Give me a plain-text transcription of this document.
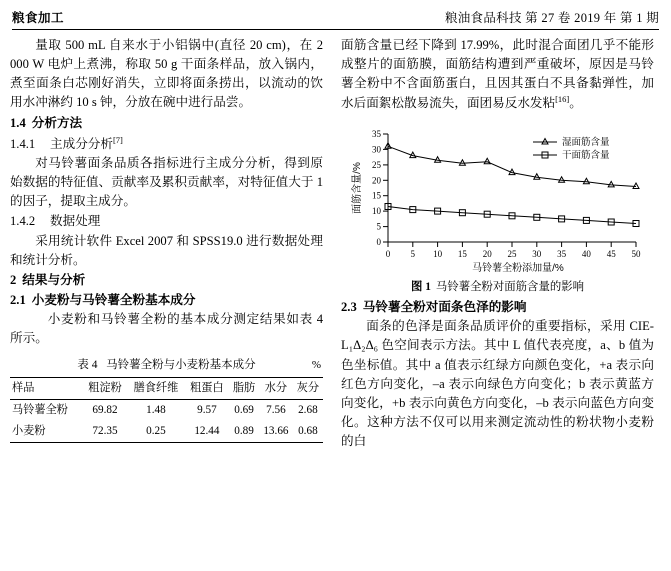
粮食加工	粮油食品科技 第 27 卷 2019 年 第 1 期

量取 500 mL 自来水于小铝锅中(直径 20 cm)，在 2 000 W 电炉上煮沸，称取 50 g 干面条样品，放入锅内，煮至面条白芯刚好消失，立即将面条捞出，以流动的饮用水冲淋约 10 s 钟，分放在碗中进行品尝。

1.4 分析方法

1.4.1 主成分分析[7]

对马铃薯面条品质各指标进行主成分分析，得到原始数据的特征值、贡献率及累积贡献率，对特征值大于 1 的因子，提取主成分。

1.4.2 数据处理

采用统计软件 Excel 2007 和 SPSS19.0 进行数据处理和统计分析。

2 结果与分析

2.1 小麦粉与马铃薯全粉基本成分

小麦粉和马铃薯全粉的基本成分测定结果如表 4 所示。

表 4 马铃薯全粉与小麦粉基本成分	%
样品	粗淀粉	膳食纤维	粗蛋白	脂肪	水分	灰分
马铃薯全粉	69.82	1.48	9.57	0.69	7.56	2.68
小麦粉	72.35	0.25	12.44	0.89	13.66	0.68

面筋含量已经下降到 17.99%，此时混合面团几乎不能形成整片的面筋膜，面筋结构遭到严重破坏，原因是马铃薯全粉中不含面筋蛋白，且因其蛋白不具备黏弹性，加水后面絮松散易流失，面团易反水发粘[16]。

0
5
10
15
20
25
30
35
0 5 10 15 20 25 30 35 40 45 50
马铃薯全粉添加量/%
面筋含量/%
湿面筋含量
干面筋含量
图 1 马铃薯全粉对面筋含量的影响

2.3 马铃薯全粉对面条色泽的影响

面条的色泽是面条品质评价的重要指标，采用 CIE-L₁Δ₂Δ₆ 色空间表示方法。其中 L 值代表亮度，a、b 值为色坐标值。其中 a 值表示红绿方向颜色变化，+a 表示向红色方向变化，–a 表示向绿色方向变化；b 表示黄蓝方向变化，+b 表示向黄色方向变化，–b 表示向蓝色方向变化。这种方法不仅可以用来测定流动性的粉状物小麦粉的白
